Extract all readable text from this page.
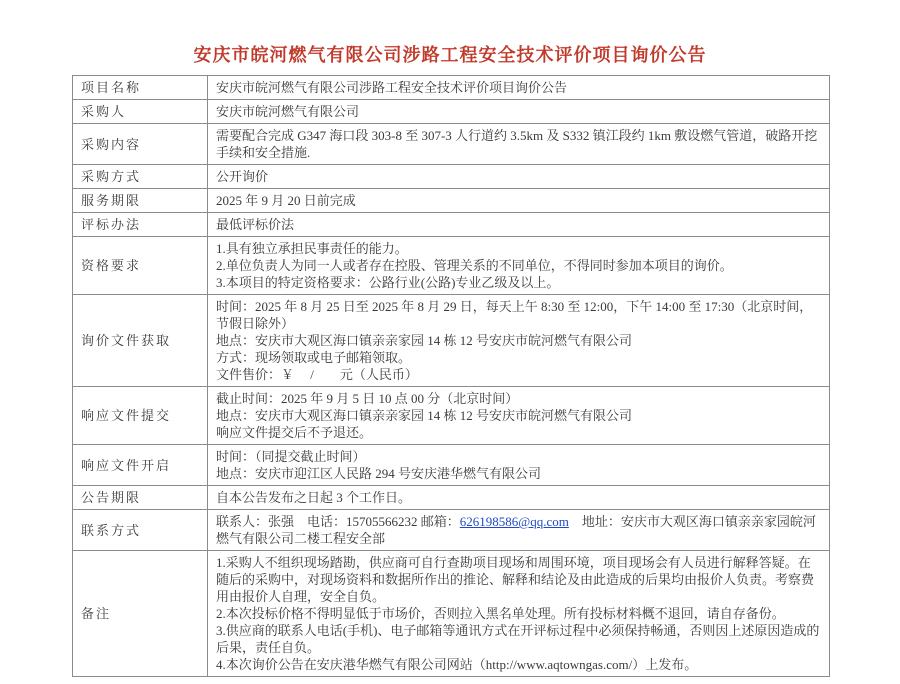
安庆市皖河燃气有限公司涉路工程安全技术评价项目询价公告
项目名称	安庆市皖河燃气有限公司涉路工程安全技术评价项目询价公告

采购人	安庆市皖河燃气有限公司

采购内容	需要配合完成 G347 海口段 303-8 至 307-3 人行道约 3.5km 及 S332 镇江段约 1km 敷设燃气管道，破路开挖手续和安全措施.

采购方式	公开询价

服务期限	2025 年 9 月 20 日前完成

评标办法	最低评标价法

资格要求	1.具有独立承担民事责任的能力。
2.单位负责人为同一人或者存在控股、管理关系的不同单位，不得同时参加本项目的询价。
3.本项目的特定资格要求：公路行业(公路)专业乙级及以上。

询价文件获取	时间：2025 年 8 月 25 日至 2025 年 8 月 29 日，每天上午 8:30 至 12:00，下午 14:00 至 17:30（北京时间，节假日除外）
地点：安庆市大观区海口镇亲亲家园 14 栋 12 号安庆市皖河燃气有限公司
方式：现场领取或电子邮箱领取。
文件售价：￥　 /　　元（人民币）

响应文件提交	截止时间：2025 年 9 月 5 日 10 点 00 分（北京时间）
地点：安庆市大观区海口镇亲亲家园 14 栋 12 号安庆市皖河燃气有限公司
响应文件提交后不予退还。

响应文件开启	时间：（同提交截止时间）
地点：安庆市迎江区人民路 294 号安庆港华燃气有限公司

公告期限	自本公告发布之日起 3 个工作日。

联系方式	联系人：张强　电话：15705566232 邮箱：626198586@qq.com　地址：安庆市大观区海口镇亲亲家园皖河燃气有限公司二楼工程安全部

备注	1.采购人不组织现场踏勘，供应商可自行查勘项目现场和周围环境，项目现场会有人员进行解释答疑。在随后的采购中，对现场资料和数据所作出的推论、解释和结论及由此造成的后果均由报价人负责。考察费用由报价人自理，安全自负。
2.本次投标价格不得明显低于市场价，否则拉入黑名单处理。所有投标材料概不退回，请自存备份。
3.供应商的联系人电话(手机)、电子邮箱等通讯方式在开评标过程中必须保持畅通，否则因上述原因造成的后果，责任自负。
4.本次询价公告在安庆港华燃气有限公司网站（http://www.aqtowngas.com/）上发布。
